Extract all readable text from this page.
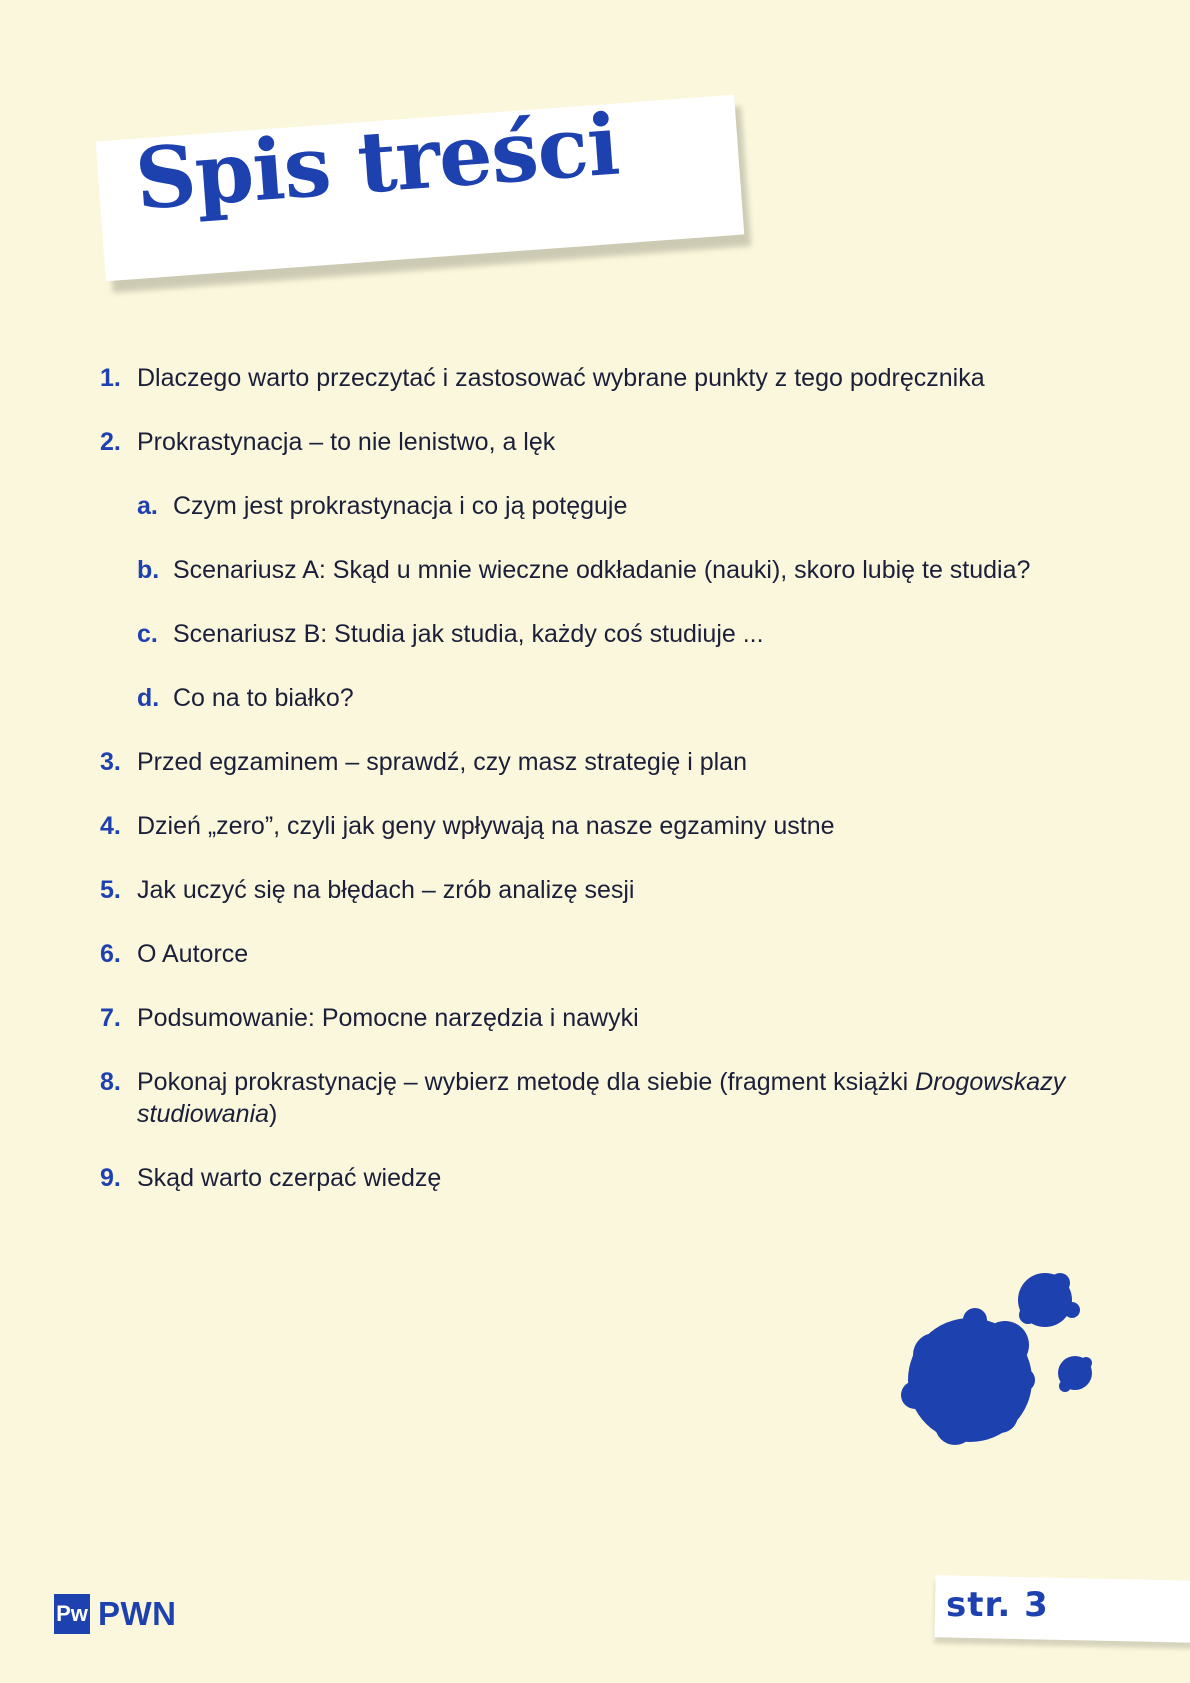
Spis treści
1. Dlaczego warto przeczytać i zastosować wybrane punkty z tego podręcznika
2. Prokrastynacja – to nie lenistwo, a lęk
a. Czym jest prokrastynacja i co ją potęguje
b. Scenariusz A: Skąd u mnie wieczne odkładanie (nauki), skoro lubię te studia?
c. Scenariusz B: Studia jak studia, każdy coś studiuje ...
d. Co na to białko?
3. Przed egzaminem – sprawdź, czy masz strategię i plan
4. Dzień „zero”, czyli jak geny wpływają na nasze egzaminy ustne
5. Jak uczyć się na błędach – zrób analizę sesji
6. O Autorce
7. Podsumowanie: Pomocne narzędzia i nawyki
8. Pokonaj prokrastynację – wybierz metodę dla siebie (fragment książki Drogowskazy studiowania)
9. Skąd warto czerpać wiedzę
Pw PWN	str. 3
